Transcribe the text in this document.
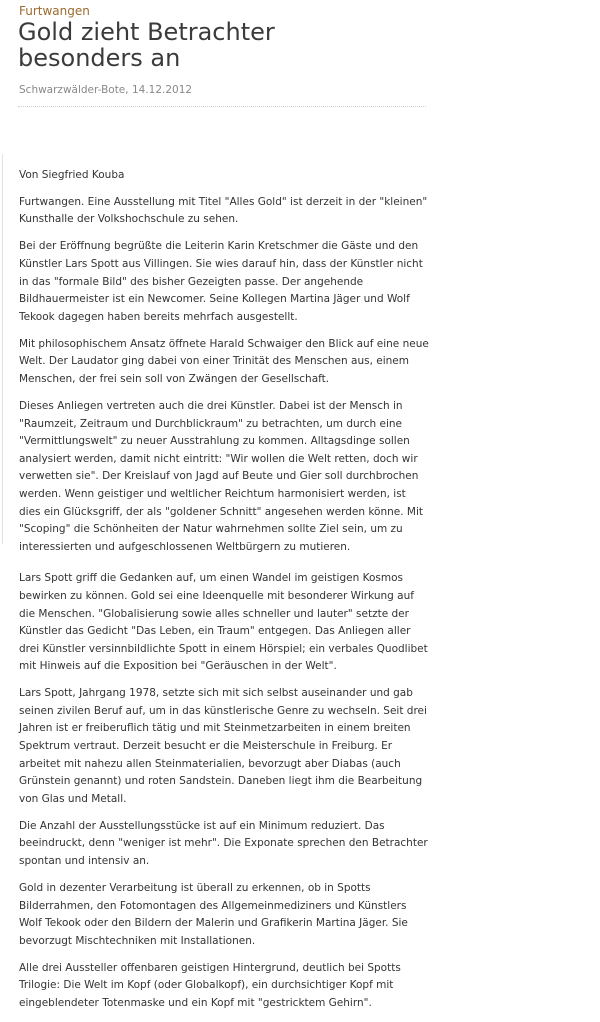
Furtwangen
Gold zieht Betrachter besonders an
Schwarzwälder-Bote, 14.12.2012

Von Siegfried Kouba

Furtwangen. Eine Ausstellung mit Titel "Alles Gold" ist derzeit in der "kleinen" Kunsthalle der Volkshochschule zu sehen.

Bei der Eröffnung begrüßte die Leiterin Karin Kretschmer die Gäste und den Künstler Lars Spott aus Villingen. Sie wies darauf hin, dass der Künstler nicht in das "formale Bild" des bisher Gezeigten passe. Der angehende Bildhauermeister ist ein Newcomer. Seine Kollegen Martina Jäger und Wolf Tekook dagegen haben bereits mehrfach ausgestellt.

Mit philosophischem Ansatz öffnete Harald Schwaiger den Blick auf eine neue Welt. Der Laudator ging dabei von einer Trinität des Menschen aus, einem Menschen, der frei sein soll von Zwängen der Gesellschaft.

Dieses Anliegen vertreten auch die drei Künstler. Dabei ist der Mensch in "Raumzeit, Zeitraum und Durchblickraum" zu betrachten, um durch eine "Vermittlungswelt" zu neuer Ausstrahlung zu kommen. Alltagsdinge sollen analysiert werden, damit nicht eintritt: "Wir wollen die Welt retten, doch wir verwetten sie". Der Kreislauf von Jagd auf Beute und Gier soll durchbrochen werden. Wenn geistiger und weltlicher Reichtum harmonisiert werden, ist dies ein Glücksgriff, der als "goldener Schnitt" angesehen werden könne. Mit "Scoping" die Schönheiten der Natur wahrnehmen sollte Ziel sein, um zu interessierten und aufgeschlossenen Weltbürgern zu mutieren.

Lars Spott griff die Gedanken auf, um einen Wandel im geistigen Kosmos bewirken zu können. Gold sei eine Ideenquelle mit besonderer Wirkung auf die Menschen. "Globalisierung sowie alles schneller und lauter" setzte der Künstler das Gedicht "Das Leben, ein Traum" entgegen. Das Anliegen aller drei Künstler versinnbildlichte Spott in einem Hörspiel; ein verbales Quodlibet mit Hinweis auf die Exposition bei "Geräuschen in der Welt".

Lars Spott, Jahrgang 1978, setzte sich mit sich selbst auseinander und gab seinen zivilen Beruf auf, um in das künstlerische Genre zu wechseln. Seit drei Jahren ist er freiberuflich tätig und mit Steinmetzarbeiten in einem breiten Spektrum vertraut. Derzeit besucht er die Meisterschule in Freiburg. Er arbeitet mit nahezu allen Steinmaterialien, bevorzugt aber Diabas (auch Grünstein genannt) und roten Sandstein. Daneben liegt ihm die Bearbeitung von Glas und Metall.

Die Anzahl der Ausstellungsstücke ist auf ein Minimum reduziert. Das beeindruckt, denn "weniger ist mehr". Die Exponate sprechen den Betrachter spontan und intensiv an.

Gold in dezenter Verarbeitung ist überall zu erkennen, ob in Spotts Bilderrahmen, den Fotomontagen des Allgemeinmediziners und Künstlers Wolf Tekook oder den Bildern der Malerin und Grafikerin Martina Jäger. Sie bevorzugt Mischtechniken mit Installationen.

Alle drei Aussteller offenbaren geistigen Hintergrund, deutlich bei Spotts Trilogie: Die Welt im Kopf (oder Globalkopf), ein durchsichtiger Kopf mit eingeblendeter Totenmaske und ein Kopf mit "gestricktem Gehirn".
